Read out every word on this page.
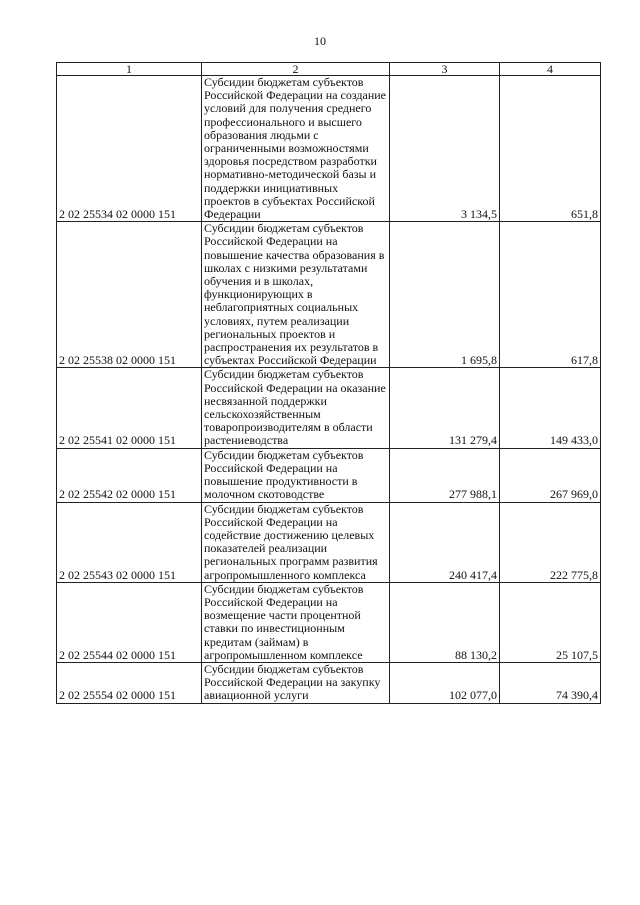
10
1	2	3	4
2 02 25534 02 0000 151	Субсидии бюджетам субъектов Российской Федерации на создание условий для получения среднего профессионального и высшего образования людьми с ограниченными возможностями здоровья посредством разработки нормативно-методической базы и поддержки инициативных проектов в субъектах Российской Федерации	3 134,5	651,8
2 02 25538 02 0000 151	Субсидии бюджетам субъектов Российской Федерации на повышение качества образования в школах с низкими результатами обучения и в школах, функционирующих в неблагоприятных социальных условиях, путем реализации региональных проектов и распространения их результатов в субъектах Российской Федерации	1 695,8	617,8
2 02 25541 02 0000 151	Субсидии бюджетам субъектов Российской Федерации на оказание несвязанной поддержки сельскохозяйственным товаропроизводителям в области растениеводства	131 279,4	149 433,0
2 02 25542 02 0000 151	Субсидии бюджетам субъектов Российской Федерации на повышение продуктивности в молочном скотоводстве	277 988,1	267 969,0
2 02 25543 02 0000 151	Субсидии бюджетам субъектов Российской Федерации на содействие достижению целевых показателей реализации региональных программ развития агропромышленного комплекса	240 417,4	222 775,8
2 02 25544 02 0000 151	Субсидии бюджетам субъектов Российской Федерации на возмещение части процентной ставки по инвестиционным кредитам (займам) в агропромышленном комплексе	88 130,2	25 107,5
2 02 25554 02 0000 151	Субсидии бюджетам субъектов Российской Федерации на закупку авиационной услуги	102 077,0	74 390,4
